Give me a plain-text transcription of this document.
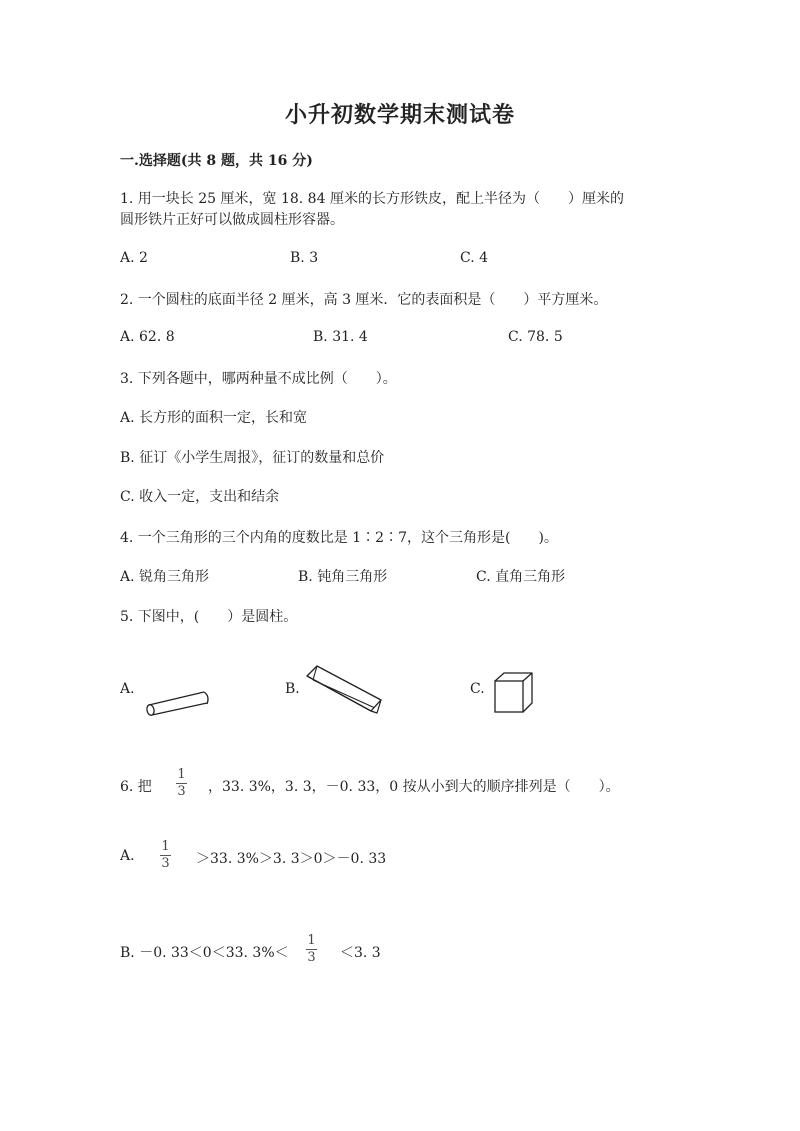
小升初数学期末测试卷
一.选择题(共 8 题，共 16 分)
1. 用一块长 25 厘米，宽 18. 84 厘米的长方形铁皮，配上半径为（　　）厘米的
圆形铁片正好可以做成圆柱形容器。
A. 2	B. 3	C. 4
2. 一个圆柱的底面半径 2 厘米，高 3 厘米．它的表面积是（　　）平方厘米。
A. 62. 8	B. 31. 4	C. 78. 5
3. 下列各题中，哪两种量不成比例（　　）。
A. 长方形的面积一定，长和宽
B. 征订《小学生周报》，征订的数量和总价
C. 收入一定，支出和结余
4. 一个三角形的三个内角的度数比是 1∶2∶7，这个三角形是(　　)。
A. 锐角三角形	B. 钝角三角形	C. 直角三角形
5. 下图中，(　　）是圆柱。
A.	B.	C.
6. 把
1
3 ，33. 3%，3. 3，－0. 33，0 按从小到大的顺序排列是（　　）。
A.
1
3 ＞33. 3%＞3. 3＞0＞－0. 33
B. －0. 33＜0＜33. 3%＜
1
3 ＜3. 3
